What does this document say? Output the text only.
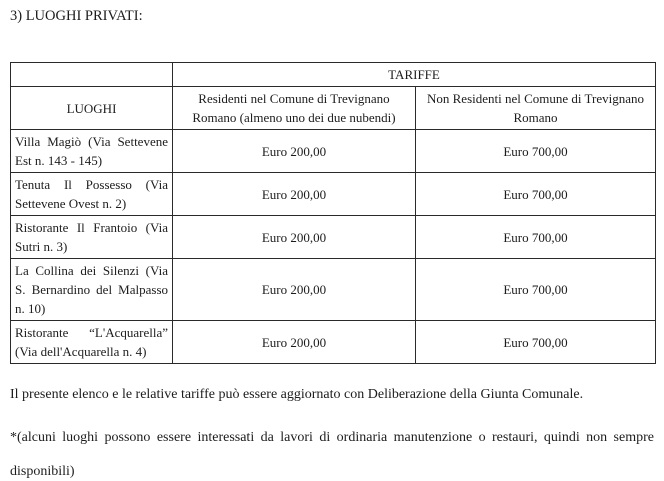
3) LUOGHI PRIVATI:

	TARIFFE	
LUOGHI	Residenti nel Comune di Trevignano Romano (almeno uno dei due nubendi)	Non Residenti nel Comune di Trevignano Romano
Villa Magiò (Via Settevene Est n. 143 - 145)	Euro 200,00	Euro 700,00
Tenuta Il Possesso (Via Settevene Ovest n. 2)	Euro 200,00	Euro 700,00
Ristorante Il Frantoio (Via Sutri n. 3)	Euro 200,00	Euro 700,00
La Collina dei Silenzi (Via S. Bernardino del Malpasso n. 10)	Euro 200,00	Euro 700,00
Ristorante “L'Acquarella” (Via dell'Acquarella n. 4)	Euro 200,00	Euro 700,00

Il presente elenco e le relative tariffe può essere aggiornato con Deliberazione della Giunta Comunale.

*(alcuni luoghi possono essere interessati da lavori di ordinaria manutenzione o restauri, quindi non sempre disponibili)
